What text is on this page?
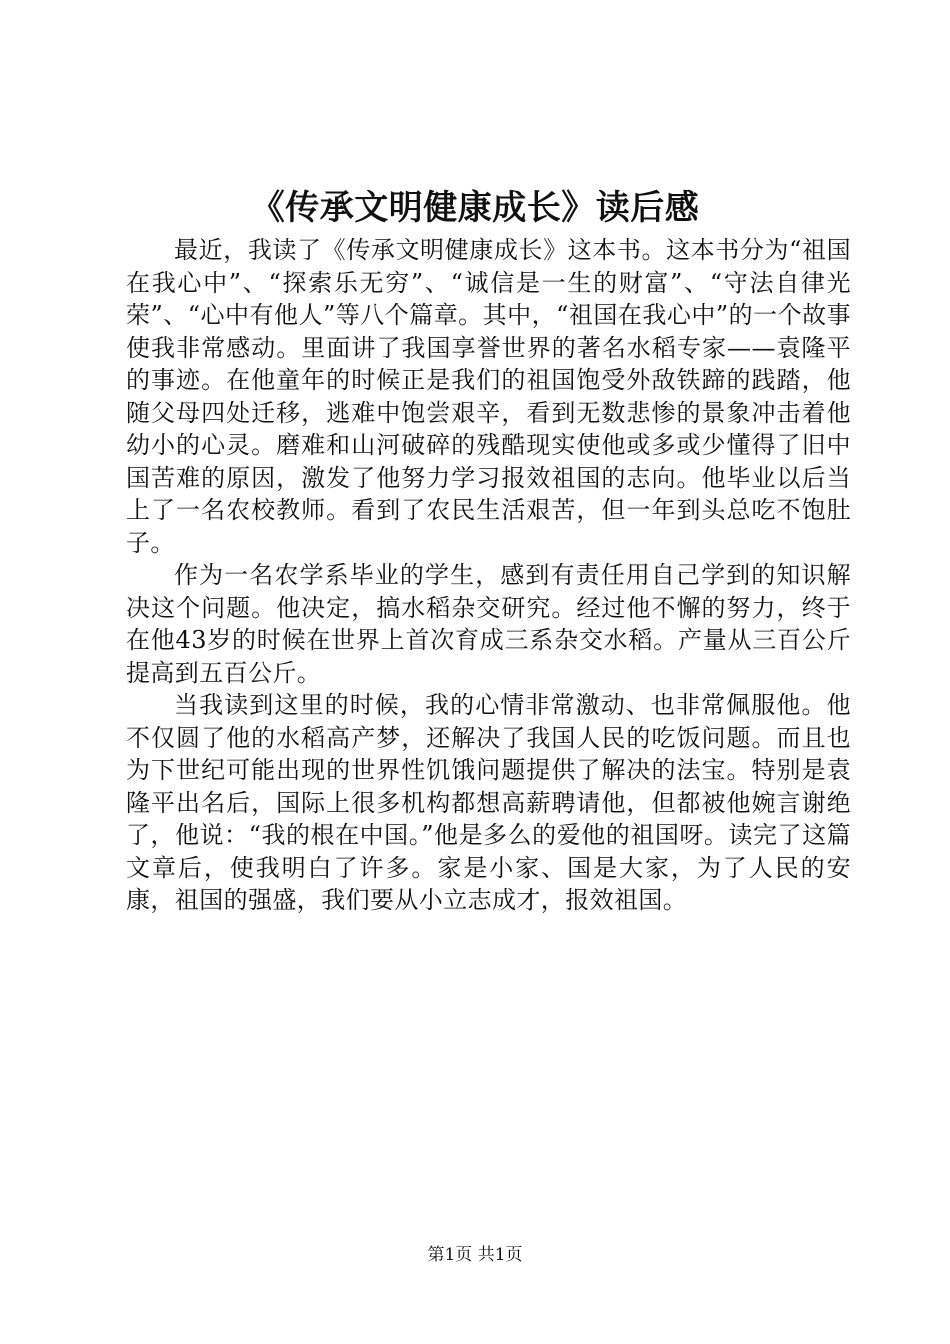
《传承文明健康成长》读后感

最近，我读了《传承文明健康成长》这本书。这本书分为“祖国在我心中”、“探索乐无穷”、“诚信是一生的财富”、“守法自律光荣”、“心中有他人”等八个篇章。其中，“祖国在我心中”的一个故事使我非常感动。里面讲了我国享誉世界的著名水稻专家——袁隆平的事迹。在他童年的时候正是我们的祖国饱受外敌铁蹄的践踏，他随父母四处迁移，逃难中饱尝艰辛，看到无数悲惨的景象冲击着他幼小的心灵。磨难和山河破碎的残酷现实使他或多或少懂得了旧中国苦难的原因，激发了他努力学习报效祖国的志向。他毕业以后当上了一名农校教师。看到了农民生活艰苦，但一年到头总吃不饱肚子。

作为一名农学系毕业的学生，感到有责任用自己学到的知识解决这个问题。他决定，搞水稻杂交研究。经过他不懈的努力，终于在他43岁的时候在世界上首次育成三系杂交水稻。产量从三百公斤提高到五百公斤。

当我读到这里的时候，我的心情非常激动、也非常佩服他。他不仅圆了他的水稻高产梦，还解决了我国人民的吃饭问题。而且也为下世纪可能出现的世界性饥饿问题提供了解决的法宝。特别是袁隆平出名后，国际上很多机构都想高薪聘请他，但都被他婉言谢绝了，他说：“我的根在中国。”他是多么的爱他的祖国呀。读完了这篇文章后，使我明白了许多。家是小家、国是大家，为了人民的安康，祖国的强盛，我们要从小立志成才，报效祖国。

第1页 共1页
